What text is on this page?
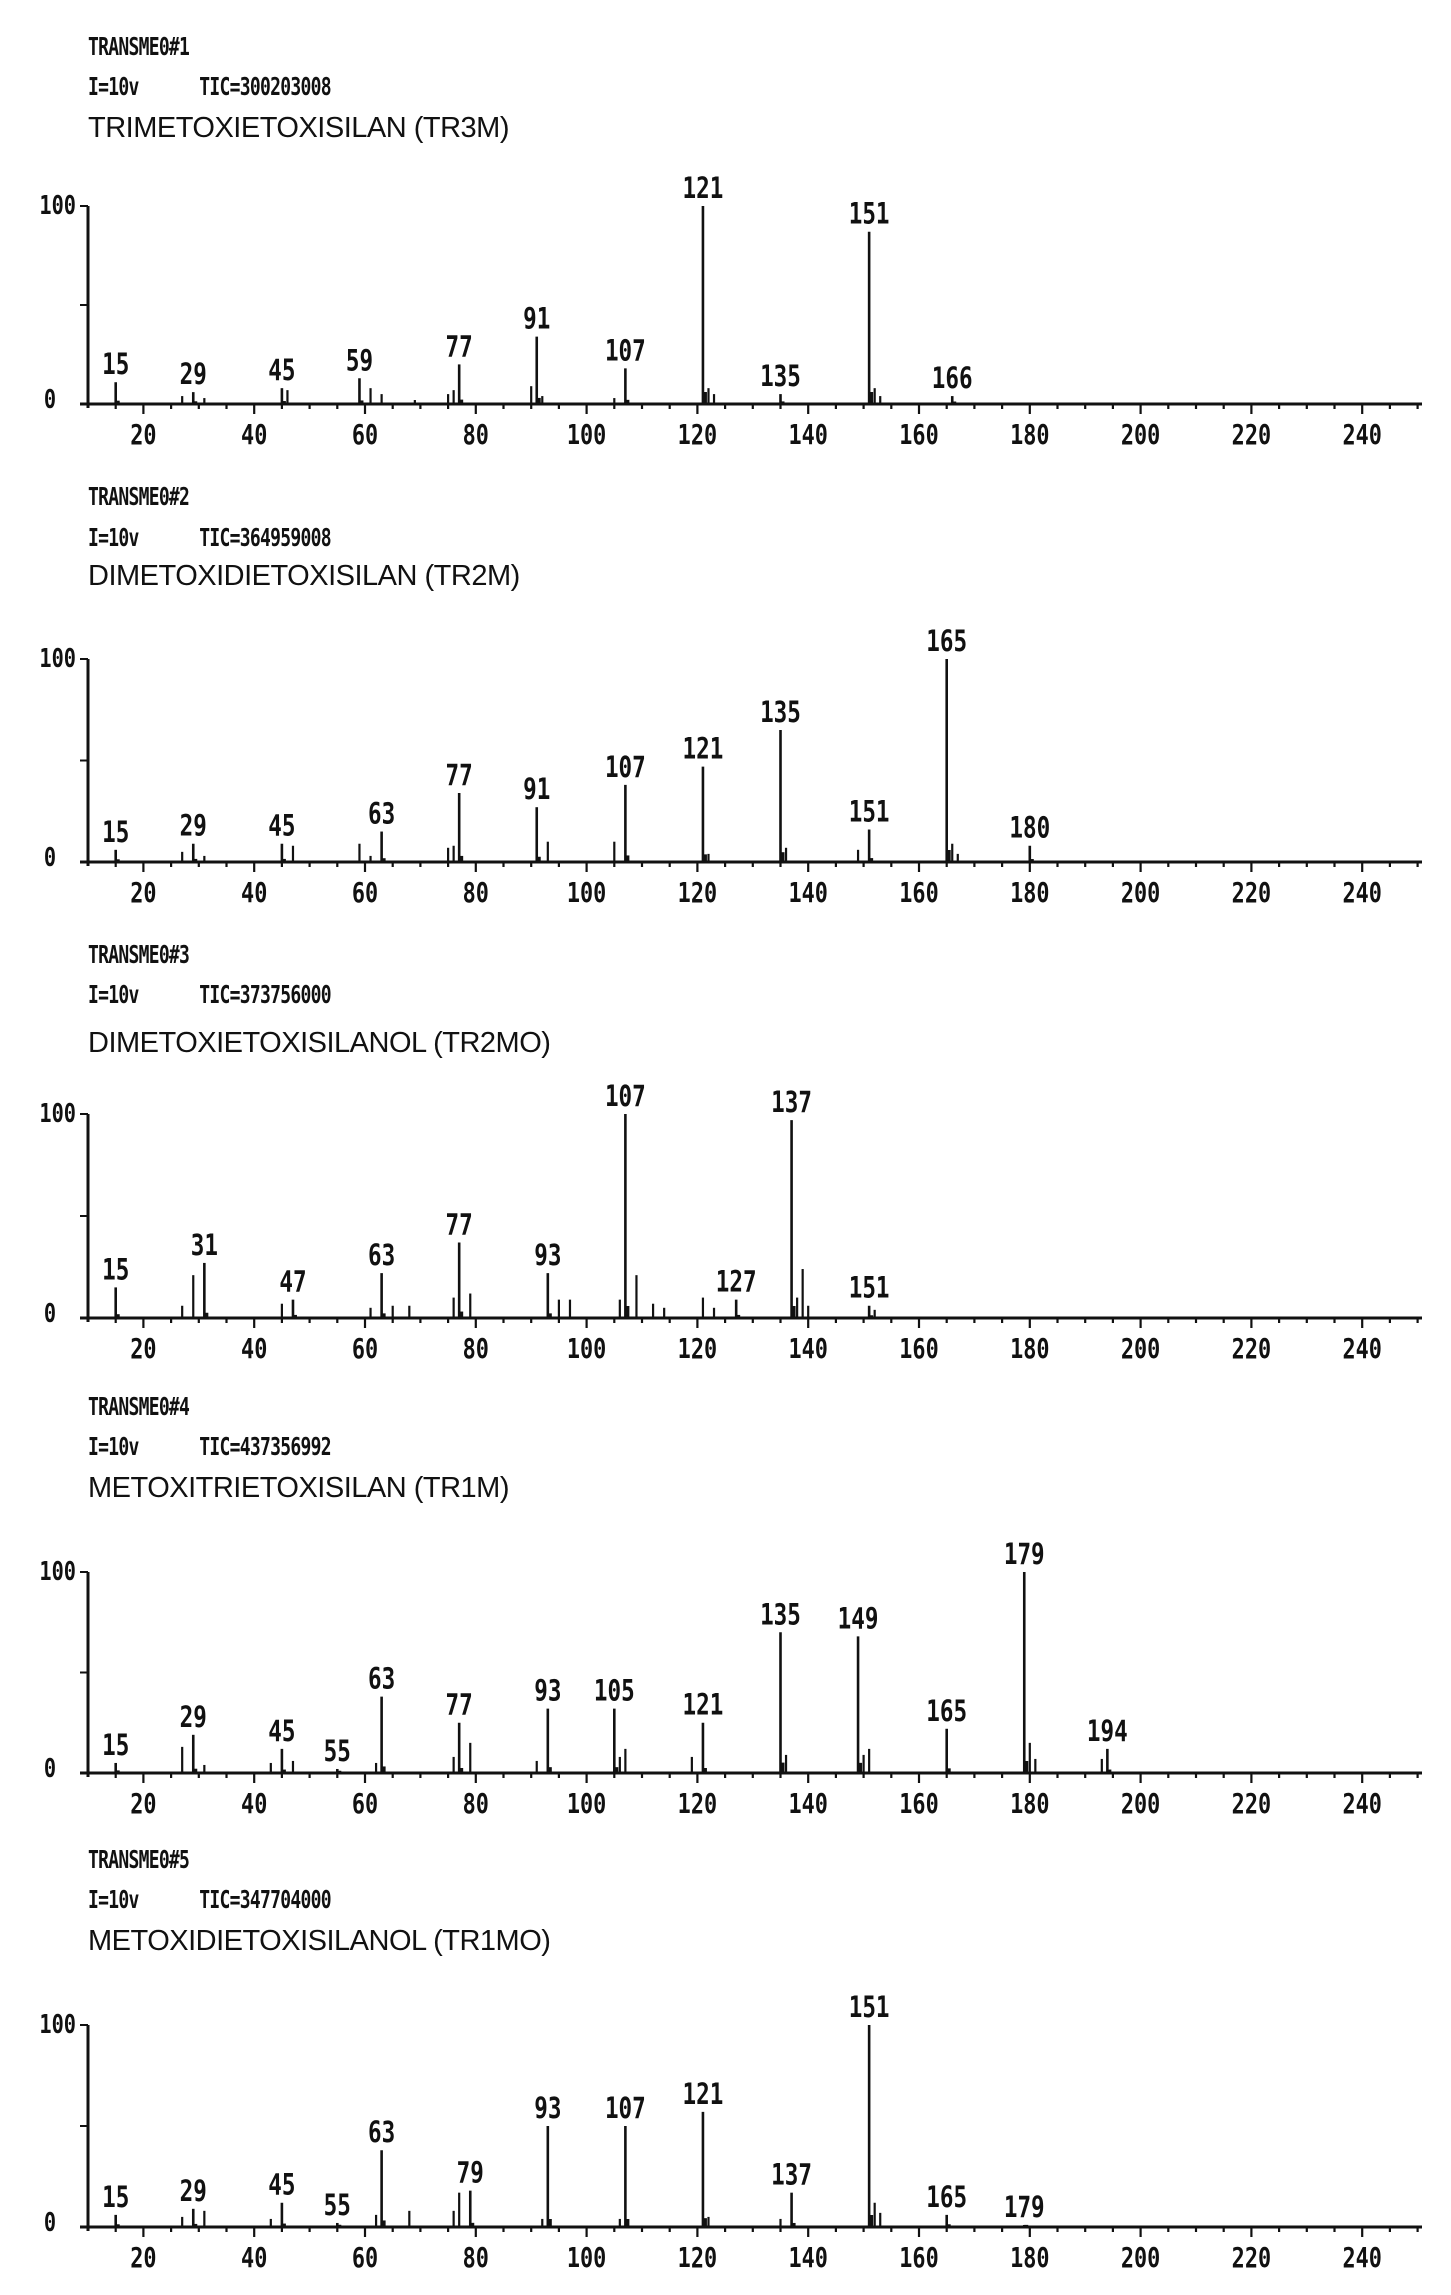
TRANSME0#1
I=10v      TIC=300203008
TRIMETOXIETOXISILAN (TR3M)
100
0
20	40	60	80	100	120	140	160	180	200	220	240
15 29 45 59 77
91
107
121
135
151
166
TRANSME0#2
I=10v      TIC=364959008
DIMETOXIDIETOXISILAN (TR2M)
100
0
20	40	60	80	100	120	140	160	180	200	220	240
15 29 45 63
77 91
107
121
135
151
165
180
TRANSME0#3
I=10v      TIC=373756000
DIMETOXIETOXISILANOL (TR2MO)
100
0
20	40	60	80	100	120	140	160	180	200	220	240
15
31
47
63
77
93
107
127
137
151
TRANSME0#4
I=10v      TIC=437356992
METOXITRIETOXISILAN (TR1M)
100
0
20	40	60	80	100	120	140	160	180	200	220	240
15
29 45
55
63
77 93 105 121
135 149
165
179
194
TRANSME0#5
I=10v      TIC=347704000
METOXIDIETOXISILANOL (TR1MO)
100
0
20	40	60	80	100	120	140	160	180	200	220	240
15 29 45
55
63
79
93 107 121
137
151
165 179
